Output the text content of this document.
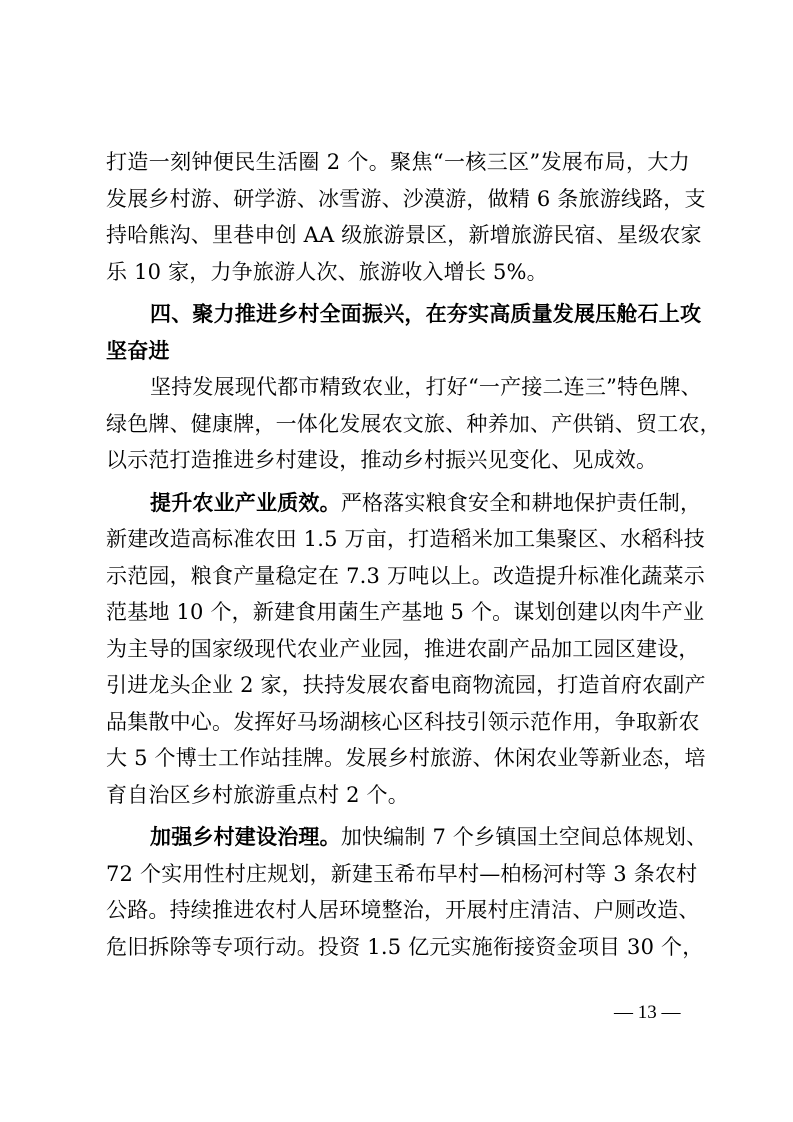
打造一刻钟便民生活圈 2 个。聚焦“一核三区”发展布局，大力
发展乡村游、研学游、冰雪游、沙漠游，做精 6 条旅游线路，支
持哈熊沟、里巷申创 AA 级旅游景区，新增旅游民宿、星级农家
乐 10 家，力争旅游人次、旅游收入增长 5%。
四、聚力推进乡村全面振兴，在夯实高质量发展压舱石上攻
坚奋进
坚持发展现代都市精致农业，打好“一产接二连三”特色牌、
绿色牌、健康牌，一体化发展农文旅、种养加、产供销、贸工农，
以示范打造推进乡村建设，推动乡村振兴见变化、见成效。
提升农业产业质效。严格落实粮食安全和耕地保护责任制，
新建改造高标准农田 1.5 万亩，打造稻米加工集聚区、水稻科技
示范园，粮食产量稳定在 7.3 万吨以上。改造提升标准化蔬菜示
范基地 10 个，新建食用菌生产基地 5 个。谋划创建以肉牛产业
为主导的国家级现代农业产业园，推进农副产品加工园区建设，
引进龙头企业 2 家，扶持发展农畜电商物流园，打造首府农副产
品集散中心。发挥好马场湖核心区科技引领示范作用，争取新农
大 5 个博士工作站挂牌。发展乡村旅游、休闲农业等新业态，培
育自治区乡村旅游重点村 2 个。
加强乡村建设治理。加快编制 7 个乡镇国土空间总体规划、
72 个实用性村庄规划，新建玉希布早村—柏杨河村等 3 条农村
公路。持续推进农村人居环境整治，开展村庄清洁、户厕改造、
危旧拆除等专项行动。投资 1.5 亿元实施衔接资金项目 30 个，
— 13 —
